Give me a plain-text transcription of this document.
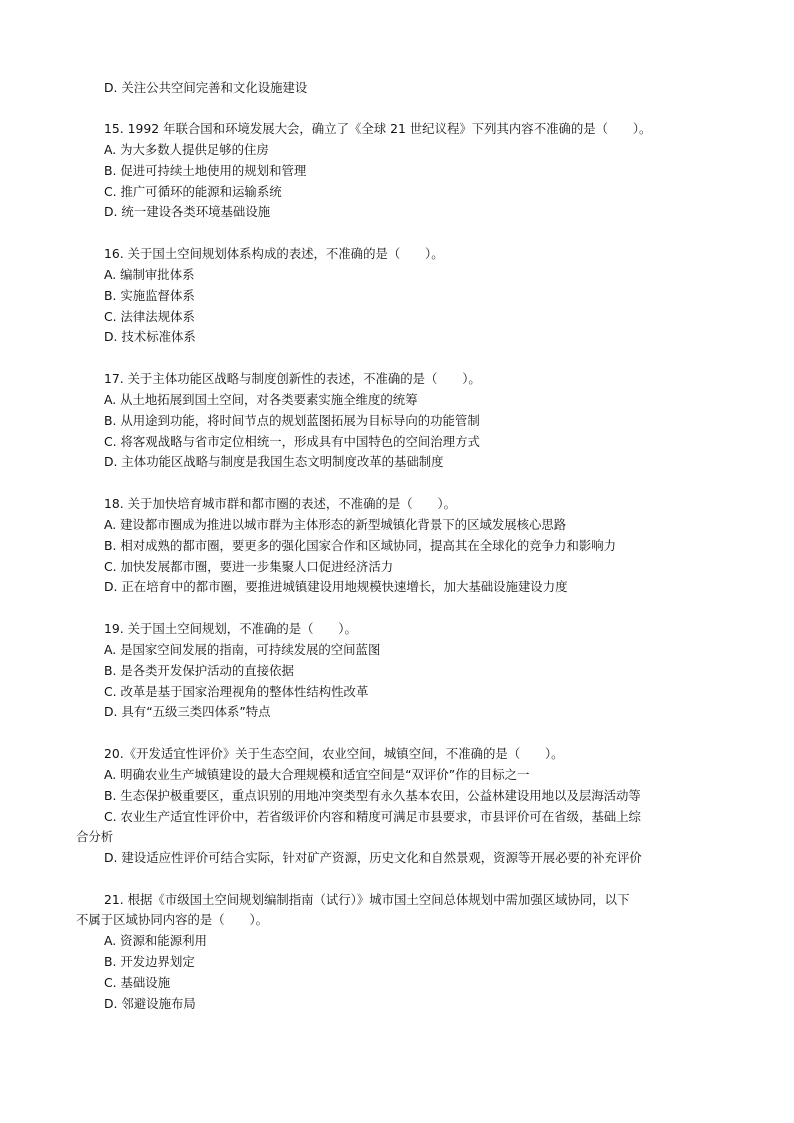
D. 关注公共空间完善和文化设施建设
15. 1992 年联合国和环境发展大会，确立了《全球 21 世纪议程》下列其内容不准确的是（　　）。
A. 为大多数人提供足够的住房
B. 促进可持续土地使用的规划和管理
C. 推广可循环的能源和运输系统
D. 统一建设各类环境基础设施
16. 关于国土空间规划体系构成的表述，不准确的是（　　）。
A. 编制审批体系
B. 实施监督体系
C. 法律法规体系
D. 技术标准体系
17. 关于主体功能区战略与制度创新性的表述，不准确的是（　　）。
A. 从土地拓展到国土空间，对各类要素实施全维度的统筹
B. 从用途到功能，将时间节点的规划蓝图拓展为目标导向的功能管制
C. 将客观战略与省市定位相统一，形成具有中国特色的空间治理方式
D. 主体功能区战略与制度是我国生态文明制度改革的基础制度
18. 关于加快培育城市群和都市圈的表述，不准确的是（　　）。
A. 建设都市圈成为推进以城市群为主体形态的新型城镇化背景下的区域发展核心思路
B. 相对成熟的都市圈，要更多的强化国家合作和区域协同，提高其在全球化的竞争力和影响力
C. 加快发展都市圈，要进一步集聚人口促进经济活力
D. 正在培育中的都市圈，要推进城镇建设用地规模快速增长，加大基础设施建设力度
19. 关于国土空间规划，不准确的是（　　）。
A. 是国家空间发展的指南，可持续发展的空间蓝图
B. 是各类开发保护活动的直接依据
C. 改革是基于国家治理视角的整体性结构性改革
D. 具有“五级三类四体系”特点
20.《开发适宜性评价》关于生态空间，农业空间，城镇空间，不准确的是（　　）。
A. 明确农业生产城镇建设的最大合理规模和适宜空间是“双评价”作的目标之一
B. 生态保护极重要区，重点识别的用地冲突类型有永久基本农田，公益林建设用地以及层海活动等
C. 农业生产适宜性评价中，若省级评价内容和精度可满足市县要求，市县评价可在省级，基础上综
合分析
D. 建设适应性评价可结合实际，针对矿产资源，历史文化和自然景观，资源等开展必要的补充评价
21. 根据《市级国土空间规划编制指南（试行）》城市国土空间总体规划中需加强区域协同，以下
不属于区域协同内容的是（　　）。
A. 资源和能源利用
B. 开发边界划定
C. 基础设施
D. 邻避设施布局
